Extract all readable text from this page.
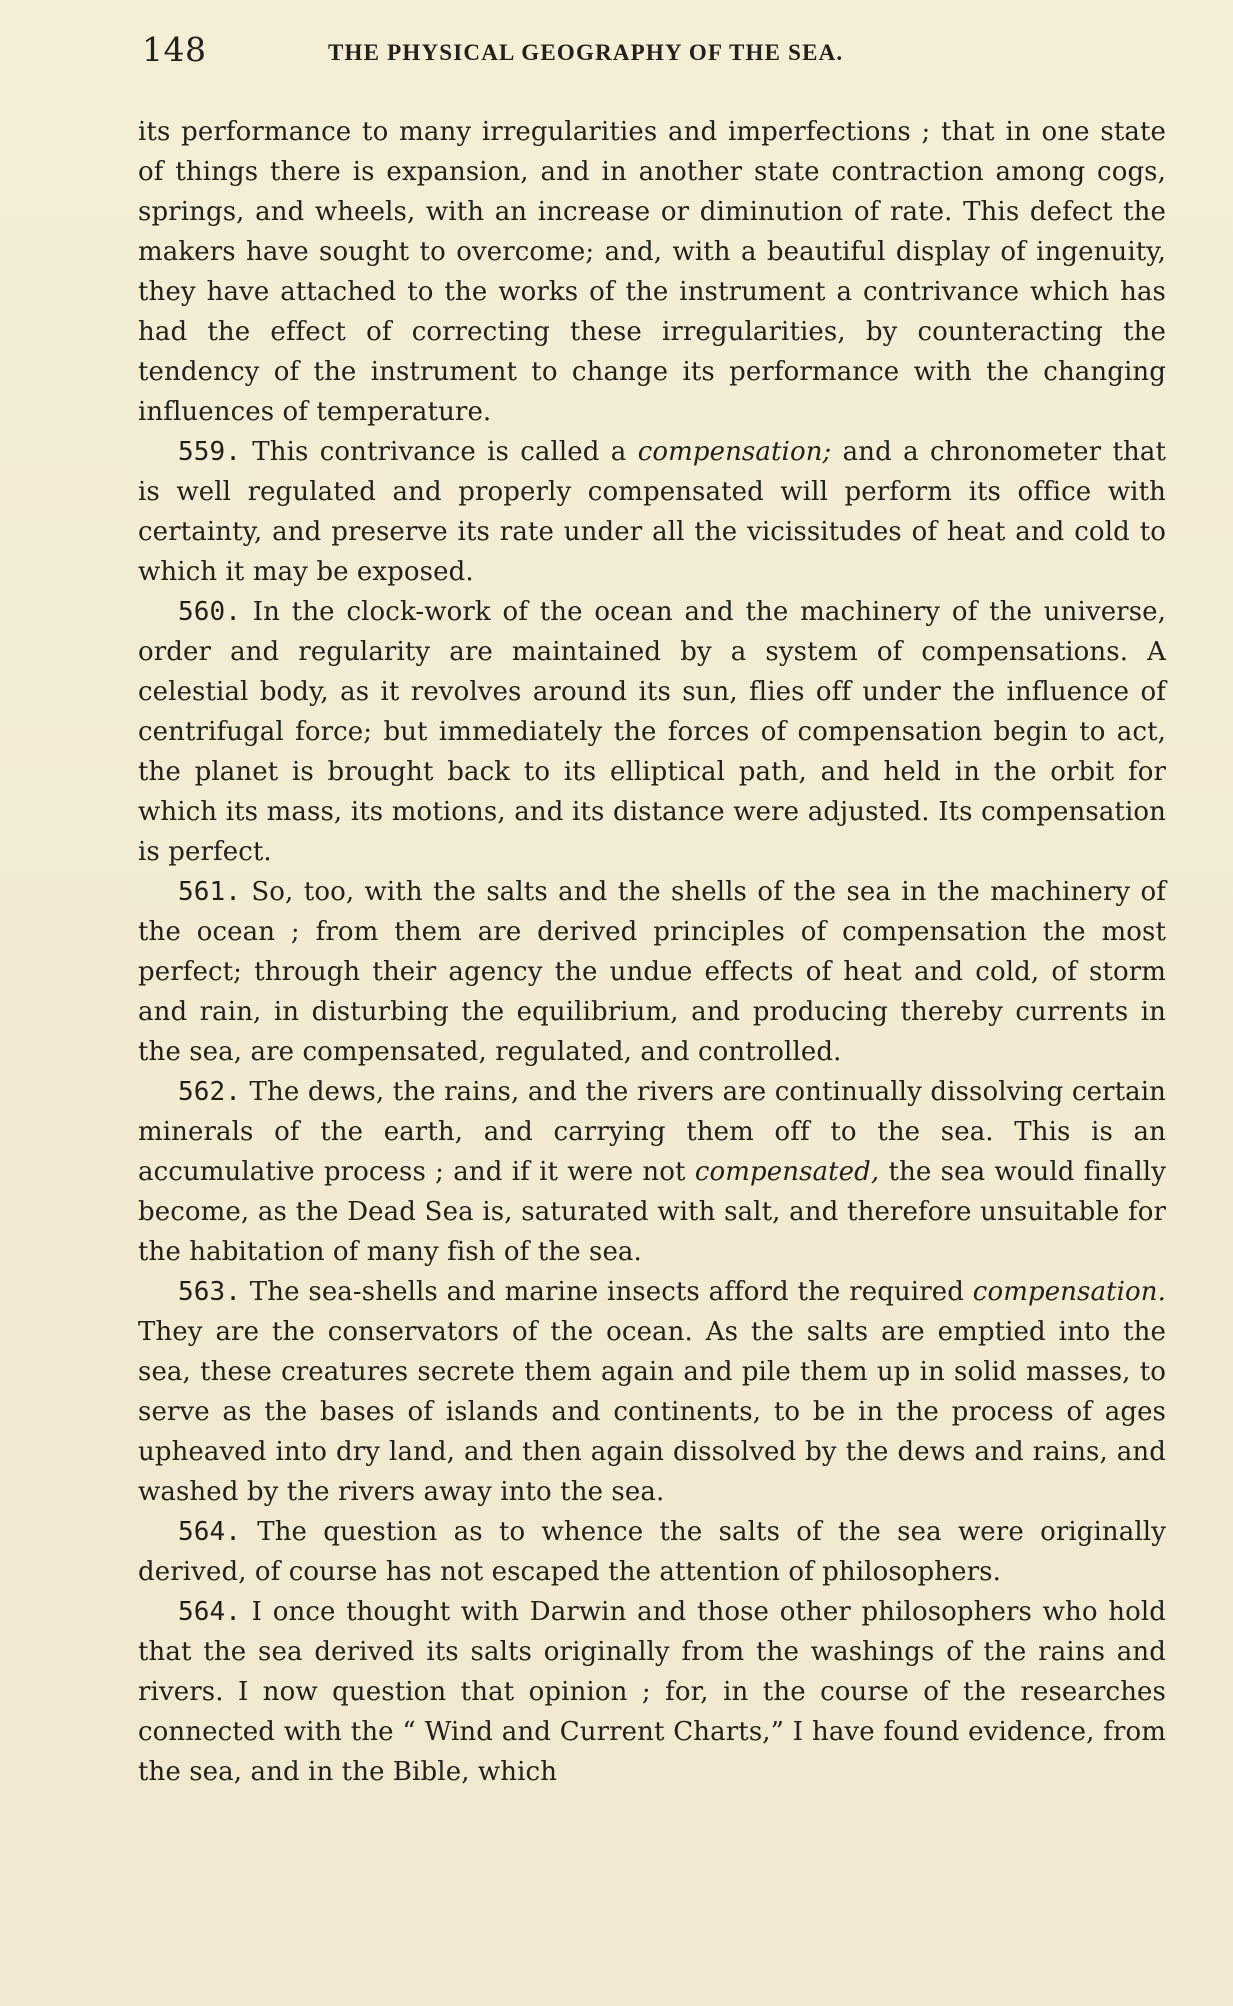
148	THE PHYSICAL GEOGRAPHY OF THE SEA.

its performance to many irregularities and imperfections ; that in one state of things there is expansion, and in another state contraction among cogs, springs, and wheels, with an increase or diminution of rate. This defect the makers have sought to overcome; and, with a beautiful display of ingenuity, they have attached to the works of the instrument a contrivance which has had the effect of correcting these irregularities, by counteracting the tendency of the instrument to change its performance with the changing influences of temperature.

559. This contrivance is called a compensation; and a chronometer that is well regulated and properly compensated will perform its office with certainty, and preserve its rate under all the vicissitudes of heat and cold to which it may be exposed.

560. In the clock-work of the ocean and the machinery of the universe, order and regularity are maintained by a system of compensations. A celestial body, as it revolves around its sun, flies off under the influence of centrifugal force; but immediately the forces of compensation begin to act, the planet is brought back to its elliptical path, and held in the orbit for which its mass, its motions, and its distance were adjusted. Its compensation is perfect.

561. So, too, with the salts and the shells of the sea in the machinery of the ocean ; from them are derived principles of compensation the most perfect; through their agency the undue effects of heat and cold, of storm and rain, in disturbing the equilibrium, and producing thereby currents in the sea, are compensated, regulated, and controlled.

562. The dews, the rains, and the rivers are continually dissolving certain minerals of the earth, and carrying them off to the sea. This is an accumulative process ; and if it were not compensated, the sea would finally become, as the Dead Sea is, saturated with salt, and therefore unsuitable for the habitation of many fish of the sea.

563. The sea-shells and marine insects afford the required compensation. They are the conservators of the ocean. As the salts are emptied into the sea, these creatures secrete them again and pile them up in solid masses, to serve as the bases of islands and continents, to be in the process of ages upheaved into dry land, and then again dissolved by the dews and rains, and washed by the rivers away into the sea.

564. The question as to whence the salts of the sea were originally derived, of course has not escaped the attention of philosophers.

564. I once thought with Darwin and those other philosophers who hold that the sea derived its salts originally from the washings of the rains and rivers. I now question that opinion ; for, in the course of the researches connected with the “ Wind and Current Charts,” I have found evidence, from the sea, and in the Bible, which
